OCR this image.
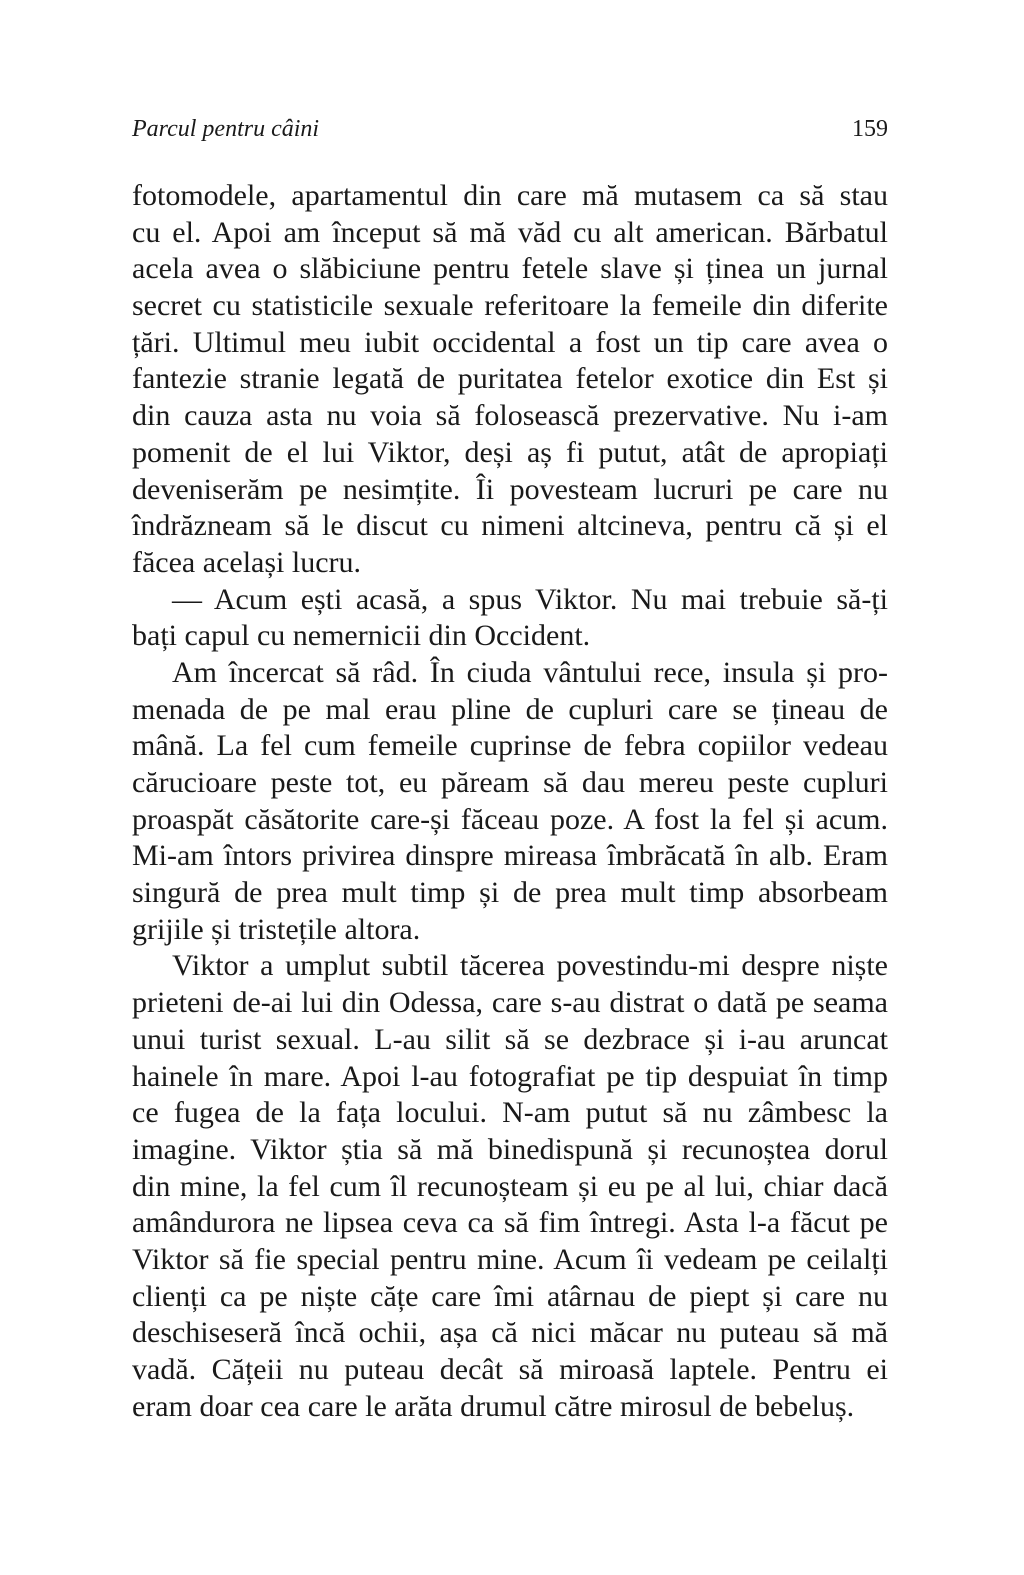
Parcul pentru câini	159
fotomodele, apartamentul din care mă mutasem ca să stau
cu el. Apoi am început să mă văd cu alt american. Bărbatul
acela avea o slăbiciune pentru fetele slave și ținea un jurnal
secret cu statisticile sexuale referitoare la femeile din diferite
țări. Ultimul meu iubit occidental a fost un tip care avea o
fantezie stranie legată de puritatea fetelor exotice din Est și
din cauza asta nu voia să folosească prezervative. Nu i-am
pomenit de el lui Viktor, deși aș fi putut, atât de apropiați
deveniserăm pe nesimțite. Îi povesteam lucruri pe care nu
îndrăzneam să le discut cu nimeni altcineva, pentru că și el
făcea același lucru.
— Acum ești acasă, a spus Viktor. Nu mai trebuie să-ți
bați capul cu nemernicii din Occident.
Am încercat să râd. În ciuda vântului rece, insula și pro-
menada de pe mal erau pline de cupluri care se țineau de
mână. La fel cum femeile cuprinse de febra copiilor vedeau
cărucioare peste tot, eu păream să dau mereu peste cupluri
proaspăt căsătorite care-și făceau poze. A fost la fel și acum.
Mi-am întors privirea dinspre mireasa îmbrăcată în alb. Eram
singură de prea mult timp și de prea mult timp absorbeam
grijile și tristețile altora.
Viktor a umplut subtil tăcerea povestindu-mi despre niște
prieteni de-ai lui din Odessa, care s-au distrat o dată pe seama
unui turist sexual. L-au silit să se dezbrace și i-au aruncat
hainele în mare. Apoi l-au fotografiat pe tip despuiat în timp
ce fugea de la fața locului. N-am putut să nu zâmbesc la
imagine. Viktor știa să mă binedispună și recunoștea dorul
din mine, la fel cum îl recunoșteam și eu pe al lui, chiar dacă
amândurora ne lipsea ceva ca să fim întregi. Asta l-a făcut pe
Viktor să fie special pentru mine. Acum îi vedeam pe ceilalți
clienți ca pe niște cățe care îmi atârnau de piept și care nu
deschiseseră încă ochii, așa că nici măcar nu puteau să mă
vadă. Cățeii nu puteau decât să miroasă laptele. Pentru ei
eram doar cea care le arăta drumul către mirosul de bebeluș.
